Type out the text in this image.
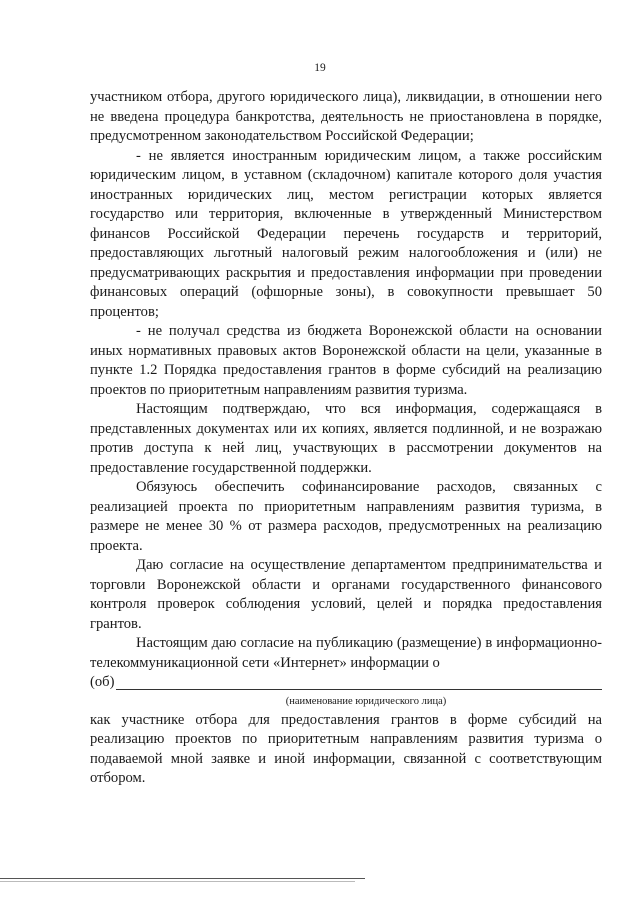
19

участником отбора, другого юридического лица), ликвидации, в отношении него не введена процедура банкротства, деятельность не приостановлена в порядке, предусмотренном законодательством Российской Федерации;

- не является иностранным юридическим лицом, а также российским юридическим лицом, в уставном (складочном) капитале которого доля участия иностранных юридических лиц, местом регистрации которых является государство или территория, включенные в утвержденный Министерством финансов Российской Федерации перечень государств и территорий, предоставляющих льготный налоговый режим налогообложения и (или) не предусматривающих раскрытия и предоставления информации при проведении финансовых операций (офшорные зоны), в совокупности превышает 50 процентов;

- не получал средства из бюджета Воронежской области на основании иных нормативных правовых актов Воронежской области на цели, указанные в пункте 1.2 Порядка предоставления грантов в форме субсидий на реализацию проектов по приоритетным направлениям развития туризма.

Настоящим подтверждаю, что вся информация, содержащаяся в представленных документах или их копиях, является подлинной, и не возражаю против доступа к ней лиц, участвующих в рассмотрении документов на предоставление государственной поддержки.

Обязуюсь обеспечить софинансирование расходов, связанных с реализацией проекта по приоритетным направлениям развития туризма, в размере не менее 30 % от размера расходов, предусмотренных на реализацию проекта.

Даю согласие на осуществление департаментом предпринимательства и торговли Воронежской области и органами государственного финансового контроля проверок соблюдения условий, целей и порядка предоставления грантов.

Настоящим даю согласие на публикацию (размещение) в информационно-телекоммуникационной сети «Интернет» информации о

(об)
(наименование юридического лица)

как участнике отбора для предоставления грантов в форме субсидий на реализацию проектов по приоритетным направлениям развития туризма о подаваемой мной заявке и иной информации, связанной с соответствующим отбором.
